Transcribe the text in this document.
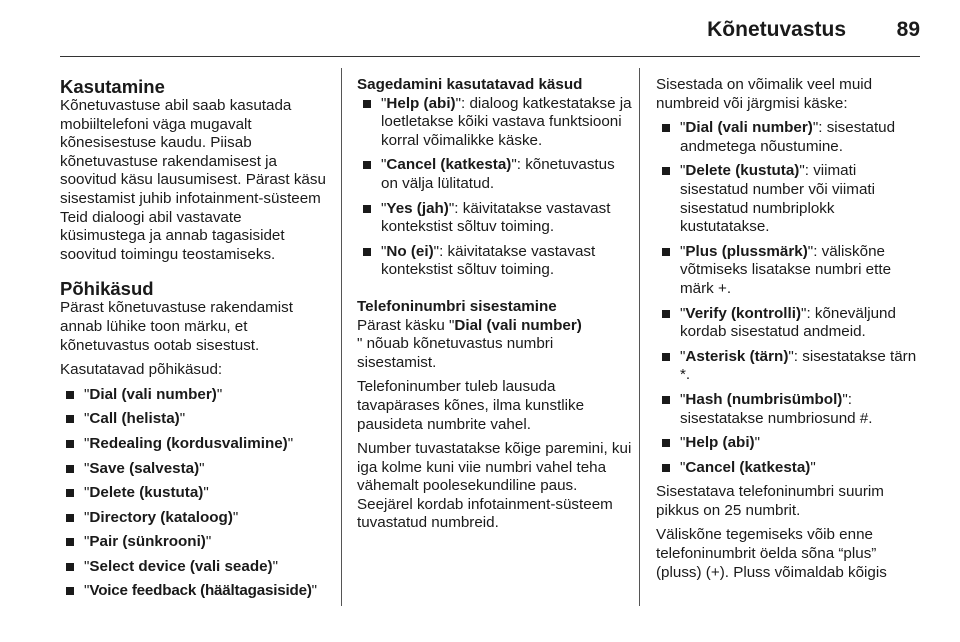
Kõnetuvastus 89
Kasutamine

Kõnetuvastuse abil saab kasutada mobiiltelefoni väga mugavalt kõnesisestuse kaudu. Piisab kõnetuvastuse rakendamisest ja soovitud käsu lausumisest. Pärast käsu sisestamist juhib infotainment-süsteem Teid dialoogi abil vastavate küsimustega ja annab tagasisidet soovitud toimingu teostamiseks.

Põhikäsud

Pärast kõnetuvastuse rakendamist annab lühike toon märku, et kõnetuvastus ootab sisestust.

Kasutatavad põhikäsud:

"Dial (vali number)"
"Call (helista)"
"Redealing (kordusvalimine)"
"Save (salvesta)"
"Delete (kustuta)"
"Directory (kataloog)"
"Pair (sünkrooni)"
"Select device (vali seade)"
"Voice feedback (häältagasiside)"
Sagedamini kasutatavad käsud
"Help (abi)": dialoog katkestatakse ja loetletakse kõiki vastava funktsiooni korral võimalikke käske.
"Cancel (katkesta)": kõnetuvastus on välja lülitatud.
"Yes (jah)": käivitatakse vastavast kontekstist sõltuv toiming.
"No (ei)": käivitatakse vastavast kontekstist sõltuv toiming.
Telefoninumbri sisestamine

Pärast käsku "Dial (vali number)
" nõuab kõnetuvastus numbri sisestamist.

Telefoninumber tuleb lausuda tavapärases kõnes, ilma kunstlike pausideta numbrite vahel.

Number tuvastatakse kõige paremini, kui iga kolme kuni viie numbri vahel teha vähemalt poolesekundiline paus. Seejärel kordab infotainment-süsteem tuvastatud numbreid.

Sisestada on võimalik veel muid numbreid või järgmisi käske:

"Dial (vali number)": sisestatud andmetega nõustumine.
"Delete (kustuta)": viimati sisestatud number või viimati sisestatud numbriplokk kustutatakse.
"Plus (plussmärk)": väliskõne võtmiseks lisatakse numbri ette märk +.
"Verify (kontrolli)": kõneväljund kordab sisestatud andmeid.
"Asterisk (tärn)": sisestatakse tärn *.
"Hash (numbrisümbol)": sisestatakse numbriosund #.
"Help (abi)"
"Cancel (katkesta)"

Sisestatava telefoninumbri suurim pikkus on 25 numbrit.

Väliskõne tegemiseks võib enne telefoninumbrit öelda sõna “plus” (pluss) (+). Pluss võimaldab kõigis
